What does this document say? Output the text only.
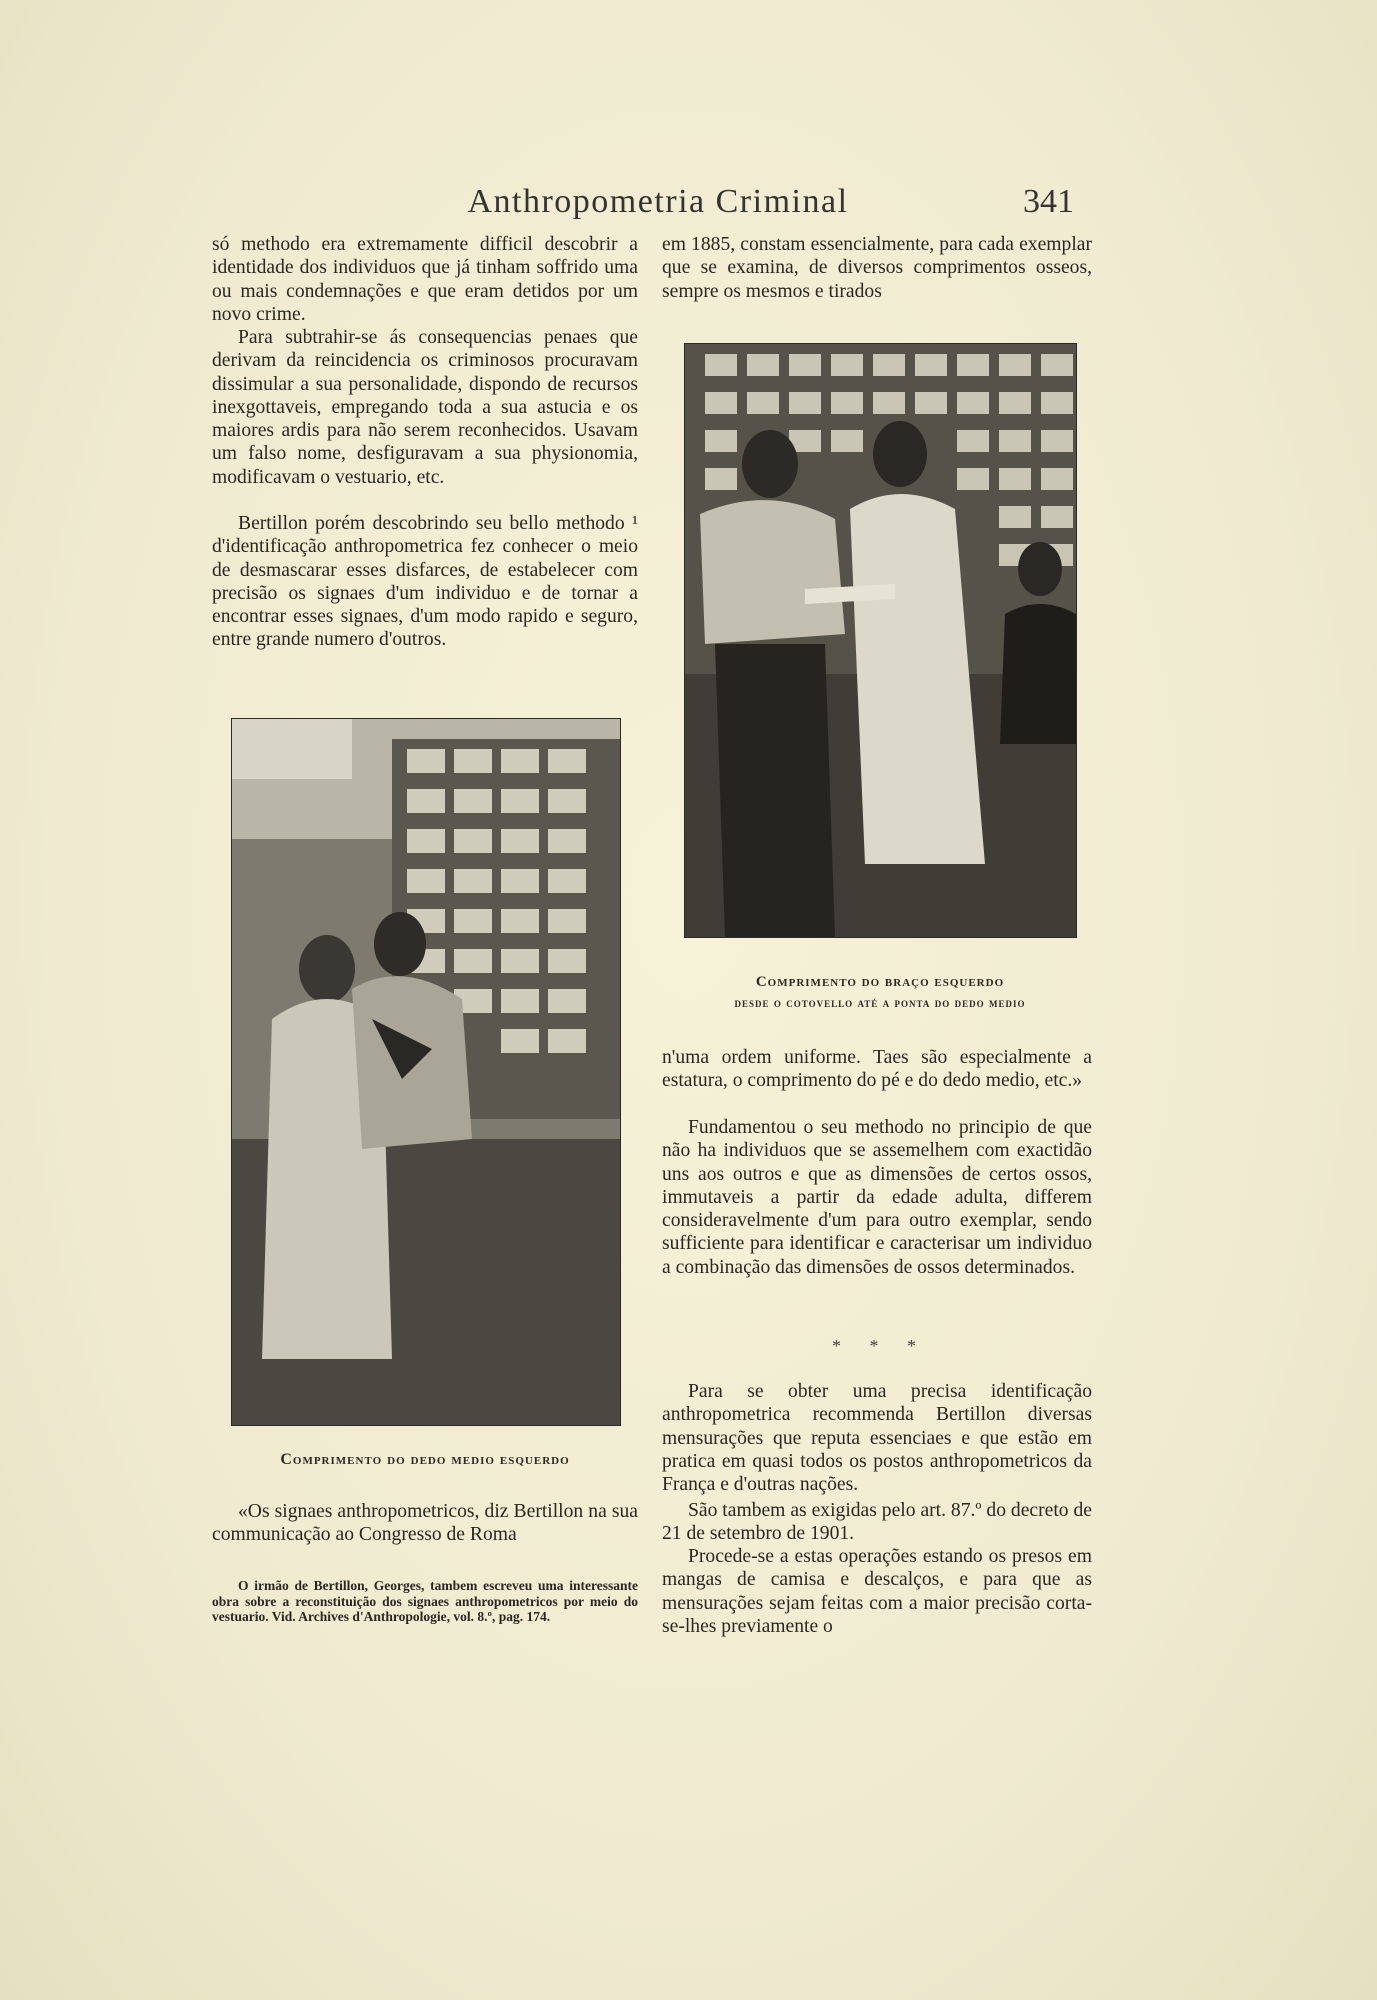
Anthropometria Criminal	341

só methodo era extremamente difficil descobrir a identidade dos individuos que já tinham soffrido uma ou mais condemnações e que eram detidos por um novo crime.

Para subtrahir-se ás consequencias penaes que derivam da reincidencia os criminosos procuravam dissimular a sua personalidade, dispondo de recursos inexgottaveis, empregando toda a sua astucia e os maiores ardis para não serem reconhecidos. Usavam um falso nome, desfiguravam a sua physionomia, modificavam o vestuario, etc.

Bertillon porém descobrindo seu bello methodo ¹ d'identificação anthropometrica fez conhecer o meio de desmascarar esses disfarces, de estabelecer com precisão os signaes d'um individuo e de tornar a encontrar esses signaes, d'um modo rapido e seguro, entre grande numero d'outros.

Comprimento do dedo medio esquerdo

«Os signaes anthropometricos, diz Bertillon na sua communicação ao Congresso de Roma

O irmão de Bertillon, Georges, tambem escreveu uma interessante obra sobre a reconstituição dos signaes anthropometricos por meio do vestuario. Vid. Archives d'Anthropologie, vol. 8.º, pag. 174.

em 1885, constam essencialmente, para cada exemplar que se examina, de diversos comprimentos osseos, sempre os mesmos e tirados

Comprimento do braço esquerdo
desde o cotovello até a ponta do dedo medio

n'uma ordem uniforme. Taes são especialmente a estatura, o comprimento do pé e do dedo medio, etc.»

Fundamentou o seu methodo no principio de que não ha individuos que se assemelhem com exactidão uns aos outros e que as dimensões de certos ossos, immutaveis a partir da edade adulta, differem consideravelmente d'um para outro exemplar, sendo sufficiente para identificar e caracterisar um individuo a combinação das dimensões de ossos determinados.

* * *

Para se obter uma precisa identificação anthropometrica recommenda Bertillon diversas mensurações que reputa essenciaes e que estão em pratica em quasi todos os postos anthropometricos da França e d'outras nações.

São tambem as exigidas pelo art. 87.º do decreto de 21 de setembro de 1901.

Procede-se a estas operações estando os presos em mangas de camisa e descalços, e para que as mensurações sejam feitas com a maior precisão corta-se-lhes previamente o
